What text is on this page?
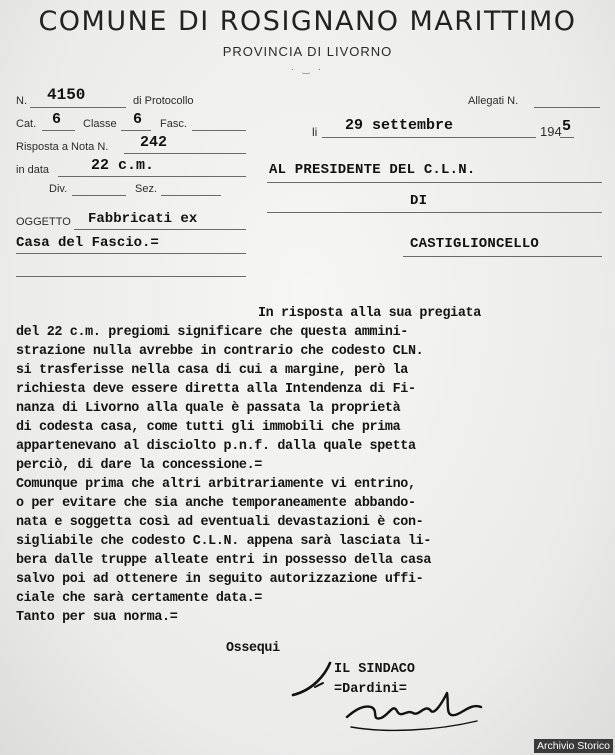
COMUNE DI ROSIGNANO MARITTIMO
PROVINCIA DI LIVORNO
· ‿ ·
N. 4150	di Protocollo
Cat. 6 Classe 6 Fasc.
Risposta a Nota N. 242
in data	22 c.m.
Div.	Sez.
Allegati N.
li 29 settembre	194 5
AL PRESIDENTE DEL C.L.N.
DI
CASTIGLIONCELLO
OGGETTO Fabbricati ex
Casa del Fascio.=
In risposta alla sua pregiata
del 22 c.m. pregiomi significare che questa ammini-
strazione nulla avrebbe in contrario che codesto CLN.
si trasferisse nella casa di cui a margine, però la
richiesta deve essere diretta alla Intendenza di Fi-
nanza di Livorno alla quale è passata la proprietà
di codesta casa, come tutti gli immobili che prima
appartenevano al disciolto p.n.f. dalla quale spetta
perciò, di dare la concessione.=
Comunque prima che altri arbitrariamente vi entrino,
o per evitare che sia anche temporaneamente abbando-
nata e soggetta così ad eventuali devastazioni è con-
sigliabile che codesto C.L.N. appena sarà lasciata li-
bera dalle truppe alleate entri in possesso della casa
salvo poi ad ottenere in seguito autorizzazione uffi-
ciale che sarà certamente data.=
Tanto per sua norma.=
Ossequi
IL SINDACO
=Dardini=
Archivio Storico
